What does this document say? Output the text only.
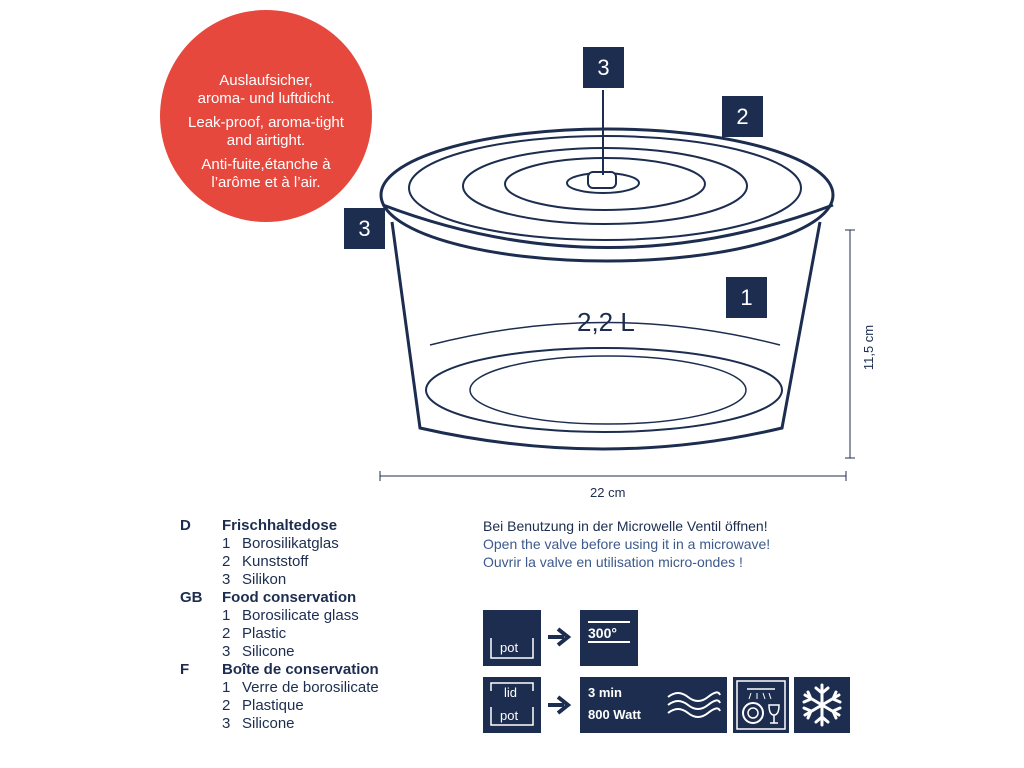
Auslaufsicher,
aroma- und luftdicht.
Leak-proof, aroma-tight
and airtight.
Anti-fuite,étanche à
l’arôme et à l’air.
3
2
3
1
2,2 L
22 cm
11,5 cm
D	Frischhaltedose
1 Borosilikatglas
2 Kunststoff
3 Silikon
GB	Food conservation
1 Borosilicate glass
2 Plastic
3 Silicone
F	Boîte de conservation
1 Verre de borosilicate
2 Plastique
3 Silicone
Bei Benutzung in der Microwelle Ventil öffnen!
Open the valve before using it in a microwave!
Ouvrir la valve en utilisation micro-ondes !
pot
300°
lid
pot
3 min
800 Watt
